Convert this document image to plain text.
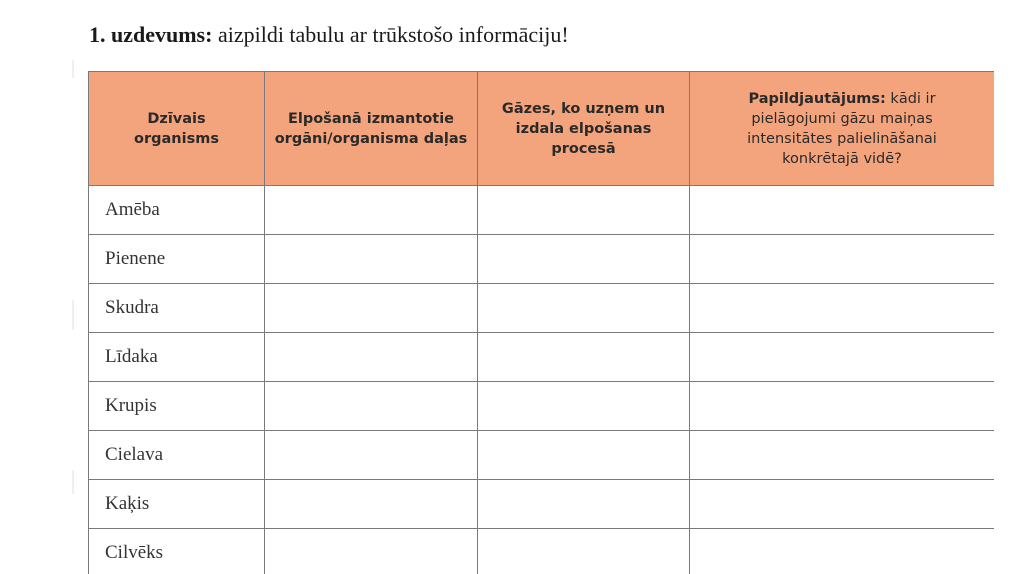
1. uzdevums: aizpildi tabulu ar trūkstošo informāciju!
Dzīvais organisms	Elpošanā izmantotie orgāni/organisma daļas	Gāzes, ko uzņem un izdala elpošanas procesā	Papildjautājums: kādi ir pielāgojumi gāzu maiņas intensitātes palielināšanai konkrētajā vidē?
Amēba			
Pienene			
Skudra			
Līdaka			
Krupis			
Cielava			
Kaķis			
Cilvēks			
